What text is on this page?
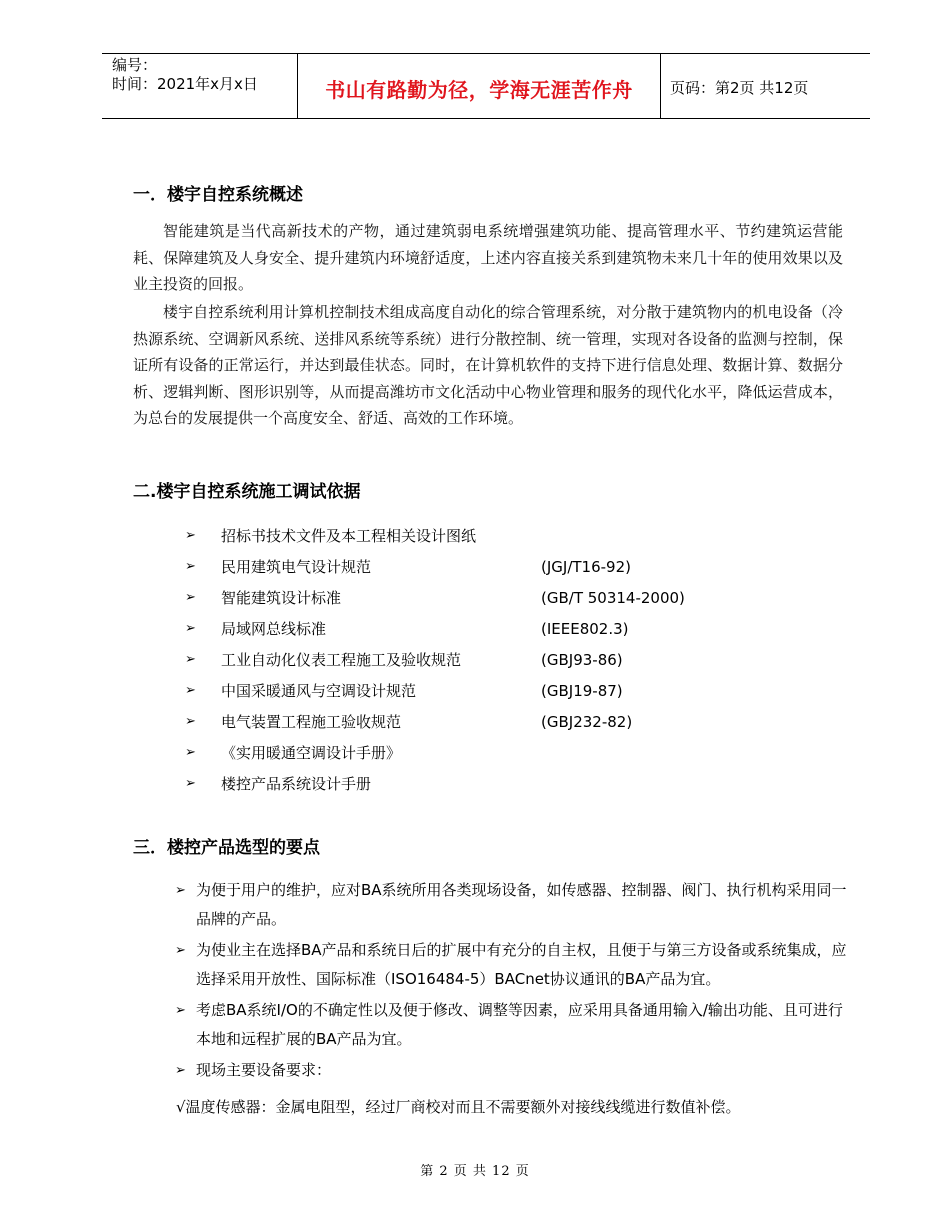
编号：
时间：2021年x月x日	书山有路勤为径，学海无涯苦作舟	页码：第2页 共12页
一．楼宇自控系统概述

智能建筑是当代高新技术的产物，通过建筑弱电系统增强建筑功能、提高管理水平、节约建筑运营能耗、保障建筑及人身安全、提升建筑内环境舒适度，上述内容直接关系到建筑物未来几十年的使用效果以及业主投资的回报。

楼宇自控系统利用计算机控制技术组成高度自动化的综合管理系统，对分散于建筑物内的机电设备（冷热源系统、空调新风系统、送排风系统等系统）进行分散控制、统一管理，实现对各设备的监测与控制，保证所有设备的正常运行，并达到最佳状态。同时，在计算机软件的支持下进行信息处理、数据计算、数据分析、逻辑判断、图形识别等，从而提高潍坊市文化活动中心物业管理和服务的现代化水平，降低运营成本，为总台的发展提供一个高度安全、舒适、高效的工作环境。

二.楼宇自控系统施工调试依据
➢	招标书技术文件及本工程相关设计图纸
➢	民用建筑电气设计规范	(JGJ/T16-92)
➢	智能建筑设计标准	(GB/T 50314-2000)
➢	局域网总线标准	(IEEE802.3)
➢	工业自动化仪表工程施工及验收规范	(GBJ93-86)
➢	中国采暖通风与空调设计规范	(GBJ19-87)
➢	电气装置工程施工验收规范	(GBJ232-82)
➢	《实用暖通空调设计手册》
➢	楼控产品系统设计手册
三．楼控产品选型的要点
➢ 为便于用户的维护，应对BA系统所用各类现场设备，如传感器、控制器、阀门、执行机构采用同一品牌的产品。
➢ 为使业主在选择BA产品和系统日后的扩展中有充分的自主权，且便于与第三方设备或系统集成，应选择采用开放性、国际标准（ISO16484-5）BACnet协议通讯的BA产品为宜。
➢ 考虑BA系统I/O的不确定性以及便于修改、调整等因素，应采用具备通用输入/输出功能、且可进行本地和远程扩展的BA产品为宜。
➢ 现场主要设备要求：
√温度传感器：金属电阻型，经过厂商校对而且不需要额外对接线线缆进行数值补偿。
第 2 页 共 12 页
